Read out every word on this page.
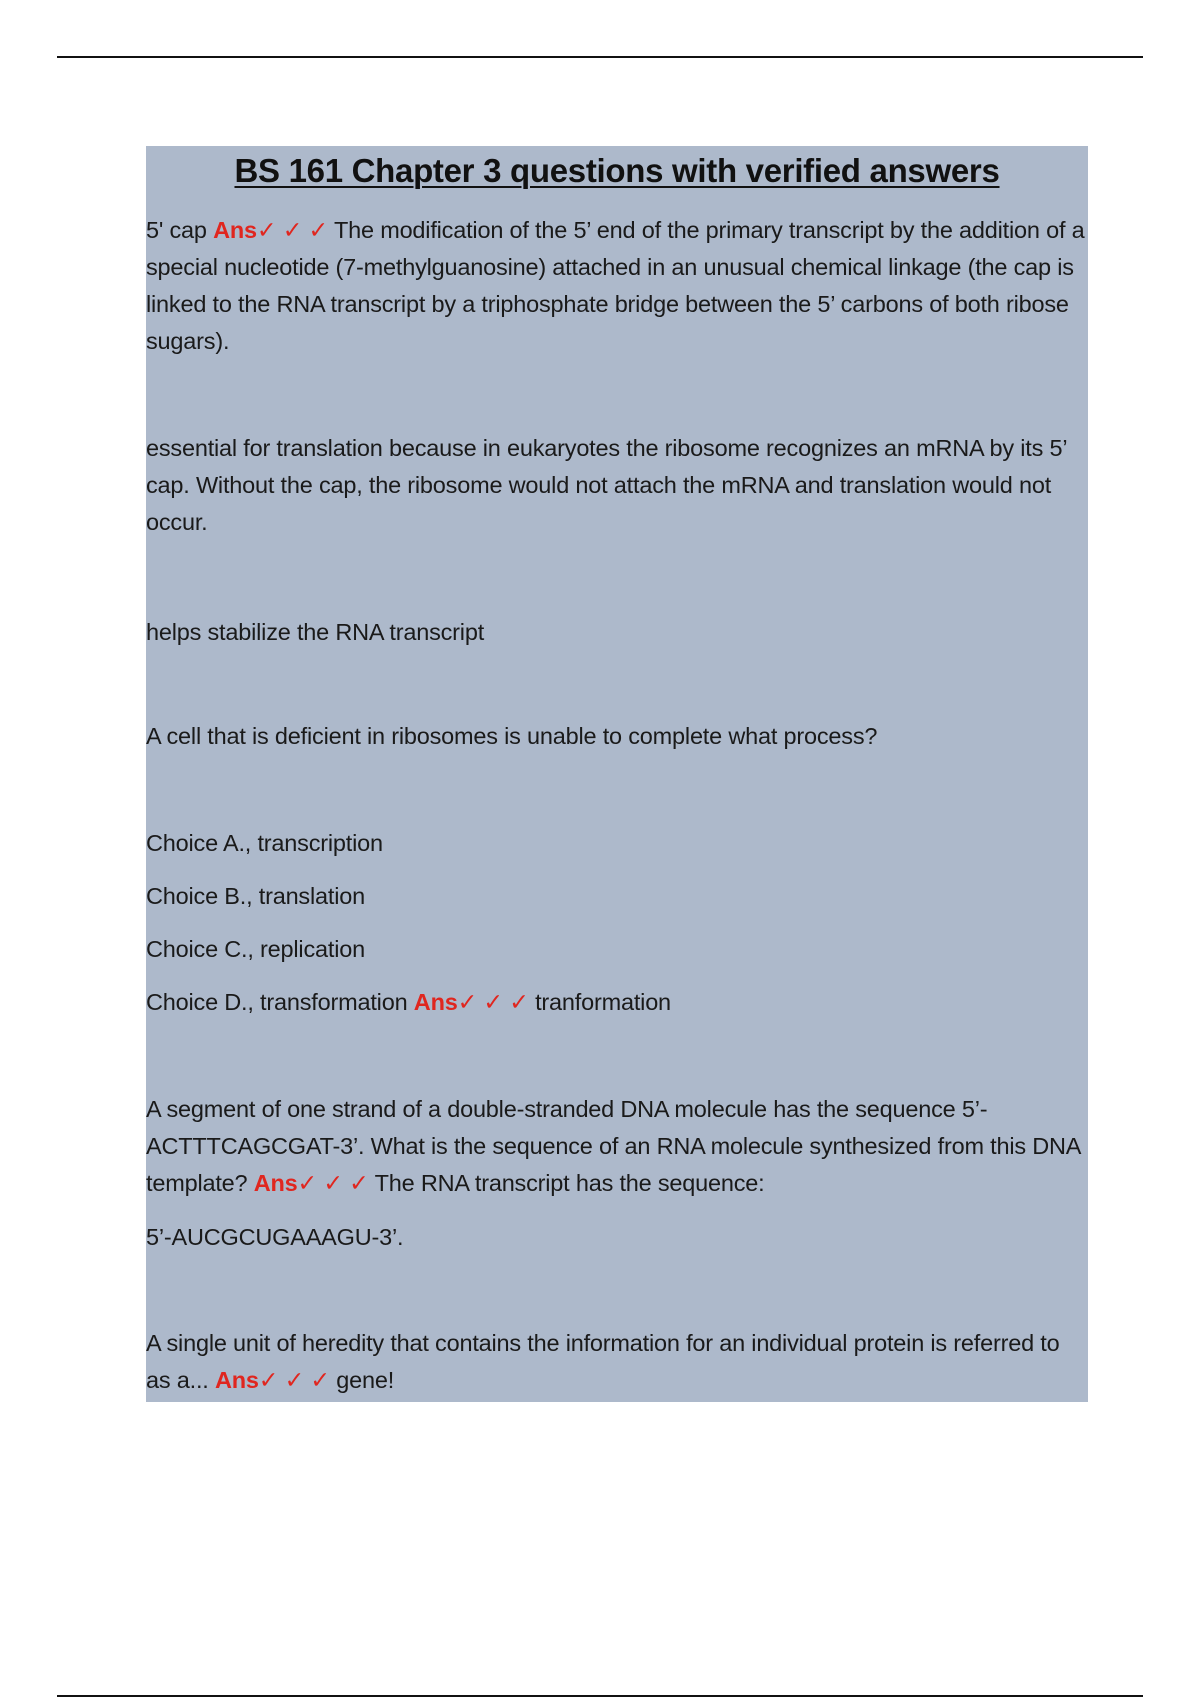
BS 161 Chapter 3 questions with verified answers

5' cap Ans✓ ✓ ✓ The modification of the 5’ end of the primary transcript by the addition of a special nucleotide (7-methylguanosine) attached in an unusual chemical linkage (the cap is linked to the RNA transcript by a triphosphate bridge between the 5’ carbons of both ribose sugars).

essential for translation because in eukaryotes the ribosome recognizes an mRNA by its 5’ cap. Without the cap, the ribosome would not attach the mRNA and translation would not occur.

helps stabilize the RNA transcript

A cell that is deficient in ribosomes is unable to complete what process?

Choice A., transcription

Choice B., translation

Choice C., replication

Choice D., transformation Ans✓ ✓ ✓ tranformation

A segment of one strand of a double-stranded DNA molecule has the sequence 5’-ACTTTCAGCGAT-3’. What is the sequence of an RNA molecule synthesized from this DNA template? Ans✓ ✓ ✓ The RNA transcript has the sequence:

5’-AUCGCUGAAAGU-3’.

A single unit of heredity that contains the information for an individual protein is referred to as a... Ans✓ ✓ ✓ gene!
